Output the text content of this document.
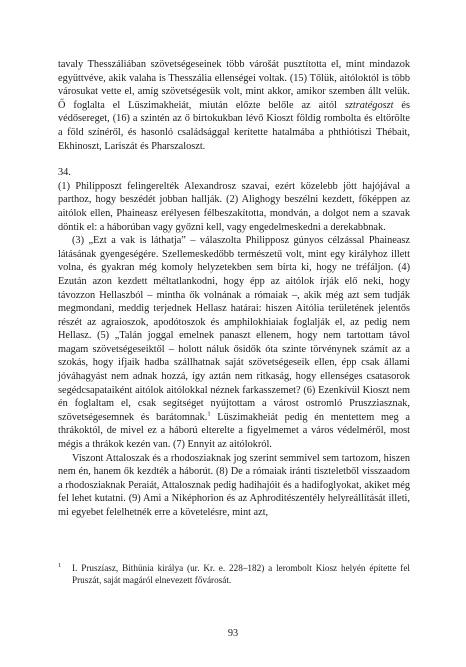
tavaly Thesszáliában szövetségeseinek több várošát pusztította el, mint mindazok együttvéve, akik valaha is Thesszália ellenségei voltak. (15) Tőlük, aitóloktól is több városukat vette el, amíg szövetségesük volt, mint akkor, amikor szemben állt velük. Ő foglalta el Lüszimakheiát, miután előzte belőle az aitól sztratégoszt és védősereget, (16) a szintén az ő birtokukban lévő Kioszt földig rombolta és eltörölte a föld színéről, és hasonló családsággal kerítette hatalmába a phthiótiszi Thébait, Ekhinoszt, Lariszát és Pharszaloszt.

34.

(1) Philipposzt felingerelték Alexandrosz szavai, ezért közelebb jött hajójával a parthoz, hogy beszédét jobban hallják. (2) Alighogy beszélni kezdett, főképpen az aitólok ellen, Phaineasz erélyesen félbeszakította, mondván, a dolgot nem a szavak döntik el: a háborúban vagy győzni kell, vagy engedelmeskedni a derekabbnak.

(3) „Ezt a vak is láthatja” – válaszolta Philipposz gúnyos célzással Phaineasz látásának gyengeségére. Szellemeskedőbb természetű volt, mint egy királyhoz illett volna, és gyakran még komoly helyzetekben sem bírta ki, hogy ne tréfáljon. (4) Ezután azon kezdett méltatlankodni, hogy épp az aitólok írják elő neki, hogy távozzon Hellaszból – mintha ők volnának a rómaiak –, akik még azt sem tudják megmondani, meddig terjednek Hellasz határai: hiszen Aitólia területének jelentős részét az agraioszok, apodótoszok és amphilokhiaiak foglalják el, az pedig nem Hellasz. (5) „Talán joggal emelnek panaszt ellenem, hogy nem tartottam távol magam szövetségeseiktől – holott náluk ősidők óta szinte törvénynek számít az a szokás, hogy ifjaik hadba szállhatnak saját szövetségeseik ellen, épp csak állami jóváhagyást nem adnak hozzá, így aztán nem ritkaság, hogy ellenséges csatasorok segédcsapataiként aitólok aitólokkal néznek farkasszemet? (6) Ezenkívül Kioszt nem én foglaltam el, csak segítséget nyújtottam a várost ostromló Pruszziasznak, szövetségesemnek és barátomnak.$^1$ Lüszimakheiát pedig én mentettem meg a thrákoktól, de mivel ez a háború elterelte a figyelmemet a város védelméről, most mégis a thrákok kezén van. (7) Ennyit az aitólokról.

Viszont Attaloszak és a rhodosziaknak jog szerint semmivel sem tartozom, hiszen nem én, hanem ők kezdték a háborút. (8) De a rómaiak iránti tiszteletből visszaadom a rhodosziaknak Peraiát, Attalosznak pedig hadihajóit és a hadifoglyokat, akiket még fel lehet kutatni. (9) Ami a Niképhorion és az Aphroditészentély helyreállítását illeti, mi egyebet felelhetnék erre a követelésre, mint azt,

1 I. Pruszíasz, Bithünia királya (ur. Kr. e. 228–182) a lerombolt Kiosz helyén építette fel Pruszát, saját magáról elnevezett fővárosát.

93
